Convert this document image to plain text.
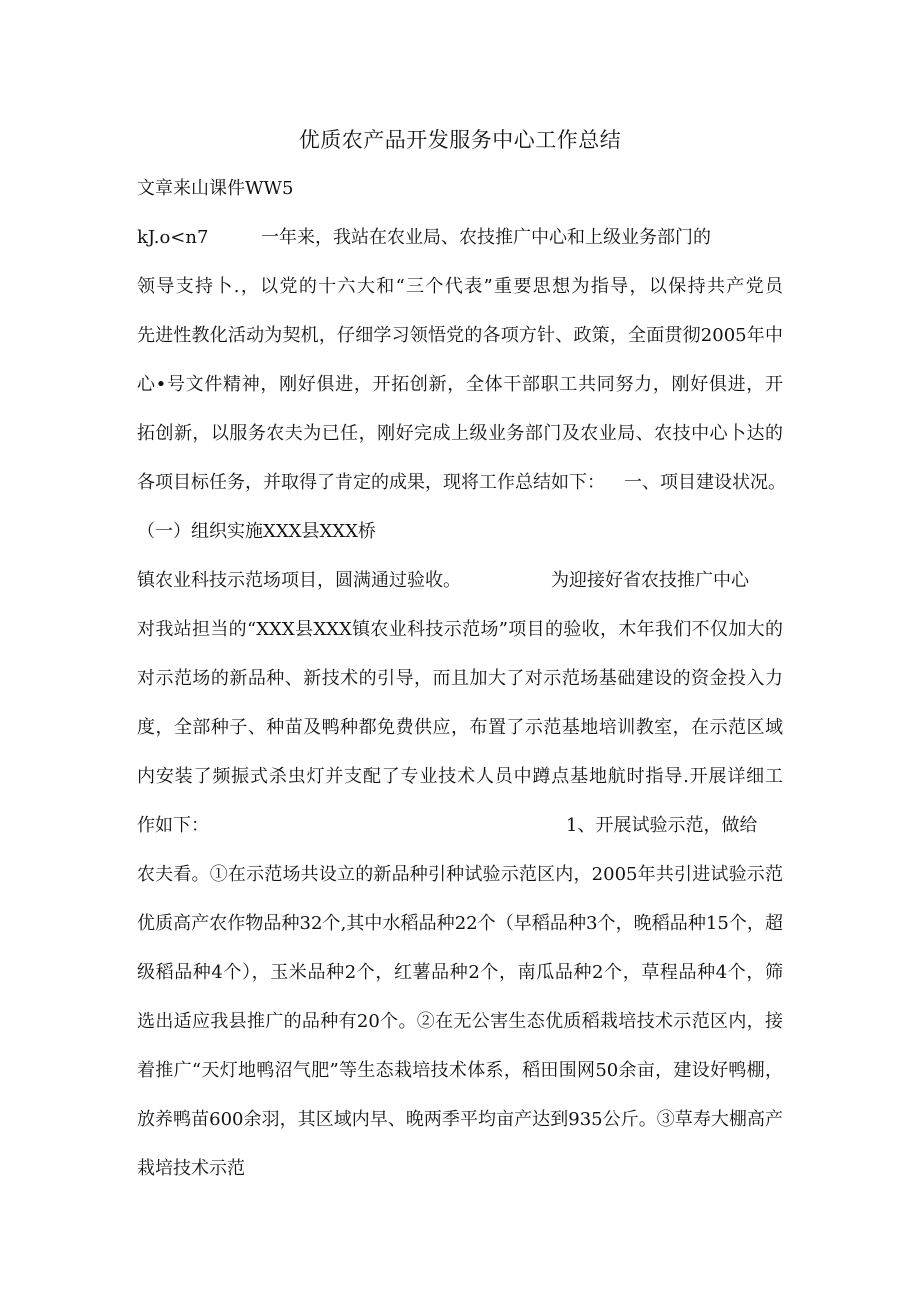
优质农产品开发服务中心工作总结
文章来山课件WW5
kJ.o<n7	一年来，我站在农业局、农技推广中心和上级业务部门的
领导支持卜.，以党的十六大和“三个代表”重要思想为指导，以保持共产党员
先进性教化活动为契机，仔细学习领悟党的各项方针、政策，全面贯彻2005年中
心•号文件精神，刚好俱进，开拓创新，全体干部职工共同努力，刚好俱进，开
拓创新，以服务农夫为已任，刚好完成上级业务部门及农业局、农技中心卜达的
各项目标任务，并取得了肯定的成果，现将工作总结如下： 一、项目建设状况。
（一）组织实施XXX县XXX桥
镇农业科技示范场项目，圆满通过验收。	为迎接好省农技推广中心
对我站担当的“XXX县XXX镇农业科技示范场”项目的验收，木年我们不仅加大的
对示范场的新品种、新技术的引导，而且加大了对示范场基础建设的资金投入力
度，全部种子、种苗及鸭种都免费供应，布置了示范基地培训教室，在示范区域
内安装了频振式杀虫灯并支配了专业技术人员中蹲点基地航时指导.开展详细工
作如下：	1、开展试验示范，做给
农夫看。①在示范场共设立的新品种引种试验示范区内，2005年共引进试验示范
优质高产农作物品种32个,其中水稻品种22个（早稻品种3个，晚稻品种15个，超
级稻品种4个），玉米品种2个，红薯品种2个，南瓜品种2个，草程品种4个，筛
选出适应我县推广的品种有20个。②在无公害生态优质稻栽培技术示范区内，接
着推广“天灯地鸭沼气肥”等生态栽培技术体系，稻田围网50余亩，建设好鸭棚，
放养鸭苗600余羽，其区域内早、晚两季平均亩产达到935公斤。③草寿大棚高产
栽培技术示范
